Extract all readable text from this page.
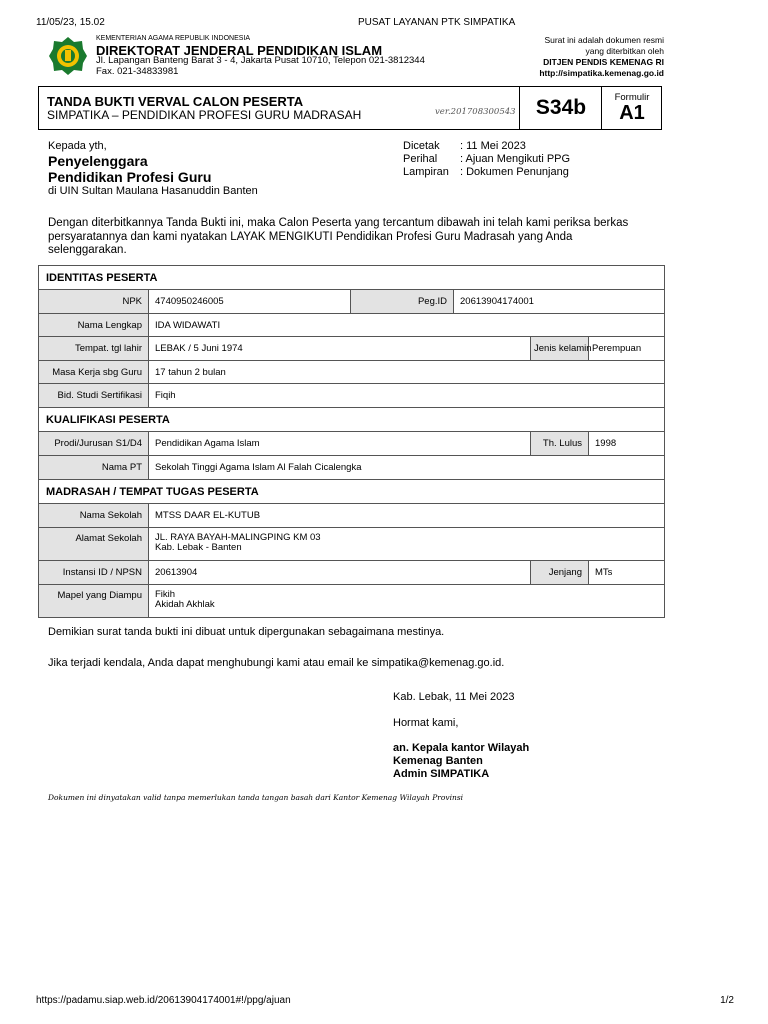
11/05/23, 15.02	PUSAT LAYANAN PTK SIMPATIKA
KEMENTERIAN AGAMA REPUBLIK INDONESIA
DIREKTORAT JENDERAL PENDIDIKAN ISLAM
Jl. Lapangan Banteng Barat 3 - 4, Jakarta Pusat 10710, Telepon 021-3812344
Fax. 021-34833981
Surat ini adalah dokumen resmi
yang diterbitkan oleh
DITJEN PENDIS KEMENAG RI
http://simpatika.kemenag.go.id
TANDA BUKTI VERVAL CALON PESERTA
SIMPATIKA – PENDIDIKAN PROFESI GURU MADRASAH	ver.201708300543 S34b	Formulir
A1
Kepada yth,
Penyelenggara
Pendidikan Profesi Guru
di UIN Sultan Maulana Hasanuddin Banten
Dicetak : 11 Mei 2023
Perihal : Ajuan Mengikuti PPG
Lampiran : Dokumen Penunjang
Dengan diterbitkannya Tanda Bukti ini, maka Calon Peserta yang tercantum dibawah ini telah kami periksa berkas
persyaratannya dan kami nyatakan LAYAK MENGIKUTI Pendidikan Profesi Guru Madrasah yang Anda
selenggarakan.
IDENTITAS PESERTA					
NPK	4740950246005	Peg.ID	20613904174001		
Nama Lengkap	IDA WIDAWATI				
Tempat. tgl lahir	LEBAK / 5 Juni 1974			Jenis kelamin	Perempuan
Masa Kerja sbg Guru	17 tahun 2 bulan				
Bid. Studi Sertifikasi	Fiqih				
KUALIFIKASI PESERTA					
Prodi/Jurusan S1/D4	Pendidikan Agama Islam			Th. Lulus	1998
Nama PT	Sekolah Tinggi Agama Islam Al Falah Cicalengka				
MADRASAH / TEMPAT TUGAS PESERTA					
Nama Sekolah	MTSS DAAR EL-KUTUB				
Alamat Sekolah	JL. RAYA BAYAH-MALINGPING KM 03
Kab. Lebak - Banten				

Instansi ID / NPSN	20613904			Jenjang	MTs
Mapel yang Diampu	Fikih
Akidah Akhlak				
Demikian surat tanda bukti ini dibuat untuk dipergunakan sebagaimana mestinya.
Jika terjadi kendala, Anda dapat menghubungi kami atau email ke simpatika@kemenag.go.id.
Kab. Lebak, 11 Mei 2023
Hormat kami,
an. Kepala kantor Wilayah
Kemenag Banten
Admin SIMPATIKA
Dokumen ini dinyatakan valid tanpa memerlukan tanda tangan basah dari Kantor Kemenag Wilayah Provinsi
https://padamu.siap.web.id/20613904174001#!/ppg/ajuan	1/2
